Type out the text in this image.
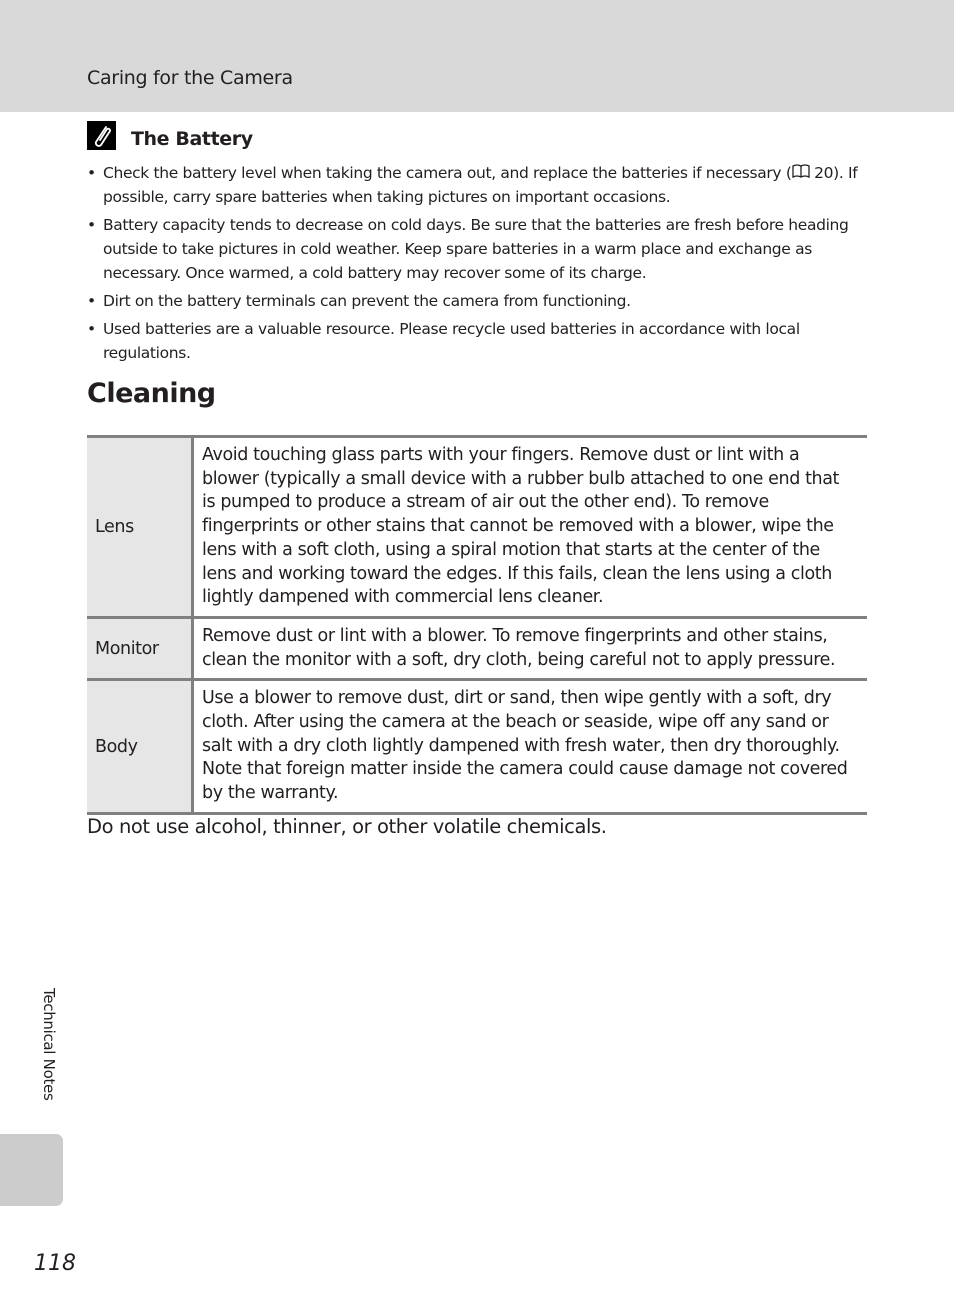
Caring for the Camera
The Battery
• Check the battery level when taking the camera out, and replace the batteries if necessary ( 20). If possible, carry spare batteries when taking pictures on important occasions.
• Battery capacity tends to decrease on cold days. Be sure that the batteries are fresh before heading outside to take pictures in cold weather. Keep spare batteries in a warm place and exchange as necessary. Once warmed, a cold battery may recover some of its charge.
• Dirt on the battery terminals can prevent the camera from functioning.
• Used batteries are a valuable resource. Please recycle used batteries in accordance with local regulations.
Cleaning
Lens	Avoid touching glass parts with your fingers. Remove dust or lint with a blower (typically a small device with a rubber bulb attached to one end that is pumped to produce a stream of air out the other end). To remove fingerprints or other stains that cannot be removed with a blower, wipe the lens with a soft cloth, using a spiral motion that starts at the center of the lens and working toward the edges. If this fails, clean the lens using a cloth lightly dampened with commercial lens cleaner.
Monitor	Remove dust or lint with a blower. To remove fingerprints and other stains, clean the monitor with a soft, dry cloth, being careful not to apply pressure.
Body	Use a blower to remove dust, dirt or sand, then wipe gently with a soft, dry cloth. After using the camera at the beach or seaside, wipe off any sand or salt with a dry cloth lightly dampened with fresh water, then dry thoroughly. Note that foreign matter inside the camera could cause damage not covered by the warranty.
Do not use alcohol, thinner, or other volatile chemicals.
Technical Notes
118
